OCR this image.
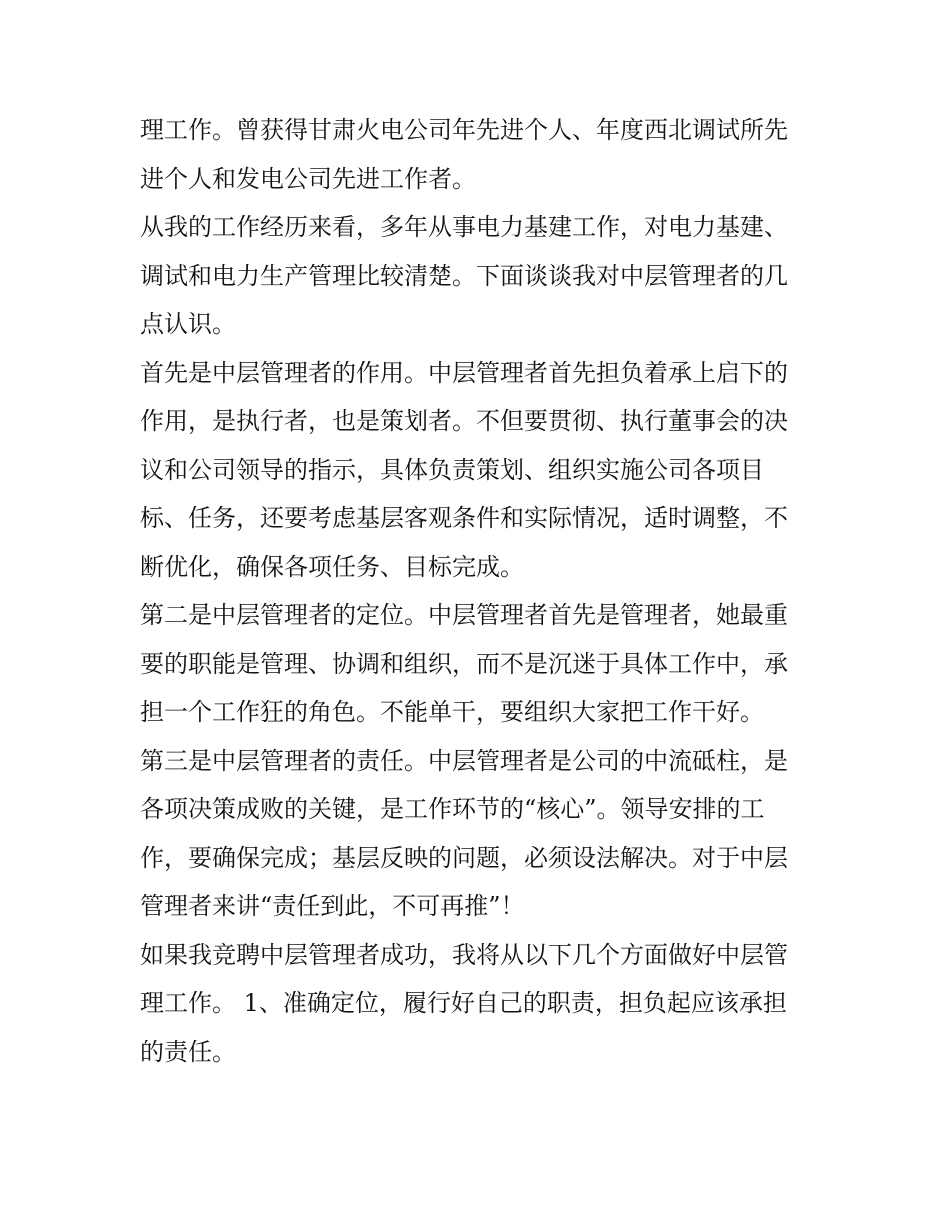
理工作。曾获得甘肃火电公司年先进个人、年度西北调试所先
进个人和发电公司先进工作者。
从我的工作经历来看，多年从事电力基建工作，对电力基建、
调试和电力生产管理比较清楚。下面谈谈我对中层管理者的几
点认识。
首先是中层管理者的作用。中层管理者首先担负着承上启下的
作用，是执行者，也是策划者。不但要贯彻、执行董事会的决
议和公司领导的指示，具体负责策划、组织实施公司各项目
标、任务，还要考虑基层客观条件和实际情况，适时调整，不
断优化，确保各项任务、目标完成。
第二是中层管理者的定位。中层管理者首先是管理者，她最重
要的职能是管理、协调和组织，而不是沉迷于具体工作中，承
担一个工作狂的角色。不能单干，要组织大家把工作干好。
第三是中层管理者的责任。中层管理者是公司的中流砥柱，是
各项决策成败的关键，是工作环节的“核心”。领导安排的工
作，要确保完成；基层反映的问题，必须设法解决。对于中层
管理者来讲“责任到此，不可再推”！
如果我竞聘中层管理者成功，我将从以下几个方面做好中层管
理工作。 1、准确定位，履行好自己的职责，担负起应该承担
的责任。
